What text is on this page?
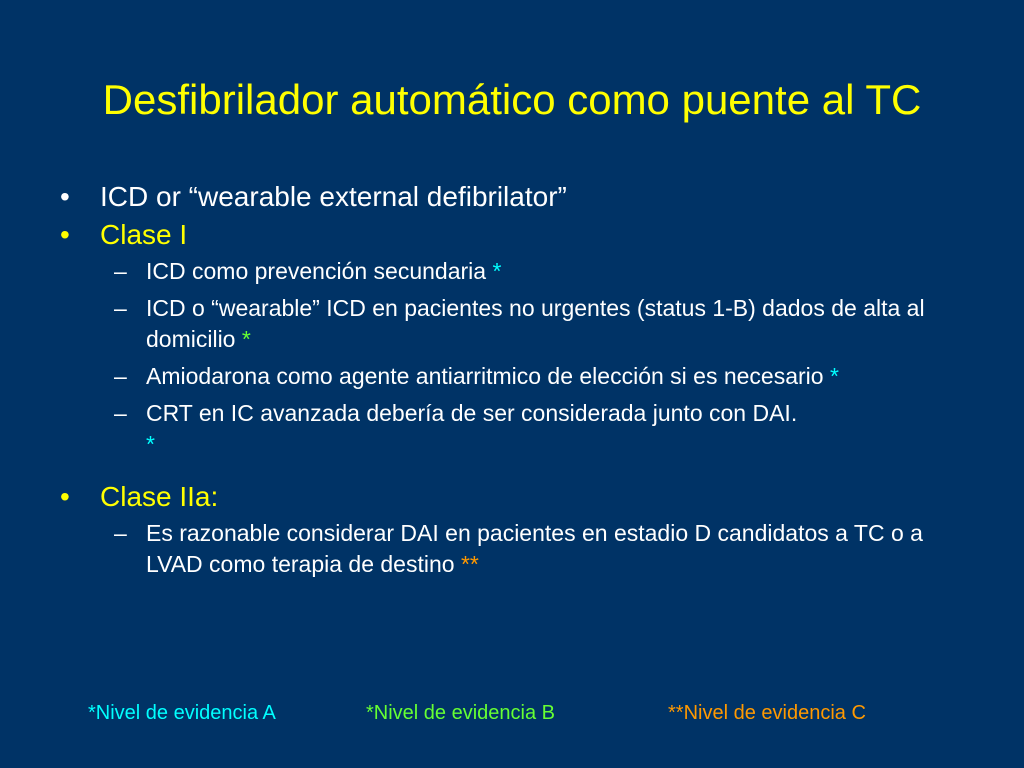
Desfibrilador automático como puente al TC
•	ICD or “wearable external defibrilator”
•	Clase I
– ICD como prevención secundaria *
– ICD o “wearable” ICD en pacientes no urgentes (status 1-B) dados de alta al domicilio *
– Amiodarona como agente antiarritmico de elección si es necesario *
– CRT en IC avanzada debería de ser considerada junto con DAI.
*
•	Clase IIa:
– Es razonable considerar DAI en pacientes en estadio D candidatos a TC o a LVAD como terapia de destino **
*Nivel de evidencia A	*Nivel de evidencia B	**Nivel de evidencia C
